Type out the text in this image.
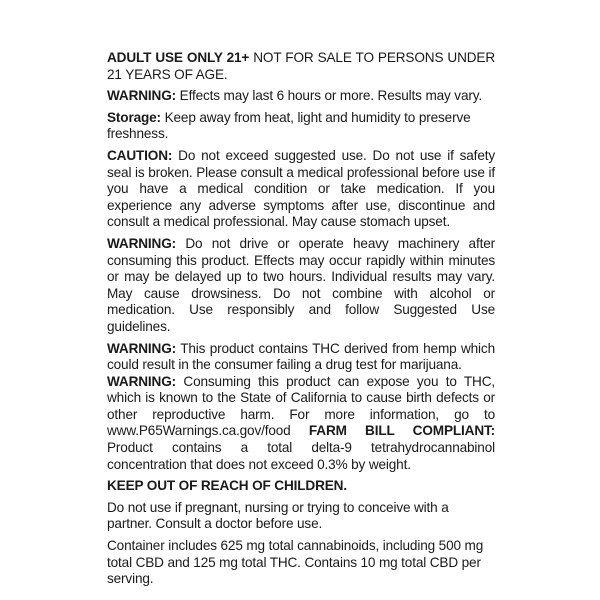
ADULT USE ONLY 21+ NOT FOR SALE TO PERSONS UNDER 21 YEARS OF AGE.

WARNING: Effects may last 6 hours or more. Results may vary.

Storage: Keep away from heat, light and humidity to preserve freshness.

CAUTION: Do not exceed suggested use. Do not use if safety seal is broken. Please consult a medical professional before use if you have a medical condition or take medication. If you experience any adverse symptoms after use, discontinue and consult a medical professional. May cause stomach upset.

WARNING: Do not drive or operate heavy machinery after consuming this product. Effects may occur rapidly within minutes or may be delayed up to two hours. Individual results may vary. May cause drowsiness. Do not combine with alcohol or medication. Use responsibly and follow Suggested Use guidelines.

WARNING: This product contains THC derived from hemp which could result in the consumer failing a drug test for marijuana.

WARNING: Consuming this product can expose you to THC, which is known to the State of California to cause birth defects or other reproductive harm. For more information, go to www.P65Warnings.ca.gov/food FARM BILL COMPLIANT: Product contains a total delta-9 tetrahydrocannabinol concentration that does not exceed 0.3% by weight.

KEEP OUT OF REACH OF CHILDREN.

Do not use if pregnant, nursing or trying to conceive with a partner. Consult a doctor before use.

Container includes 625 mg total cannabinoids, including 500 mg total CBD and 125 mg total THC. Contains 10 mg total CBD per serving.
